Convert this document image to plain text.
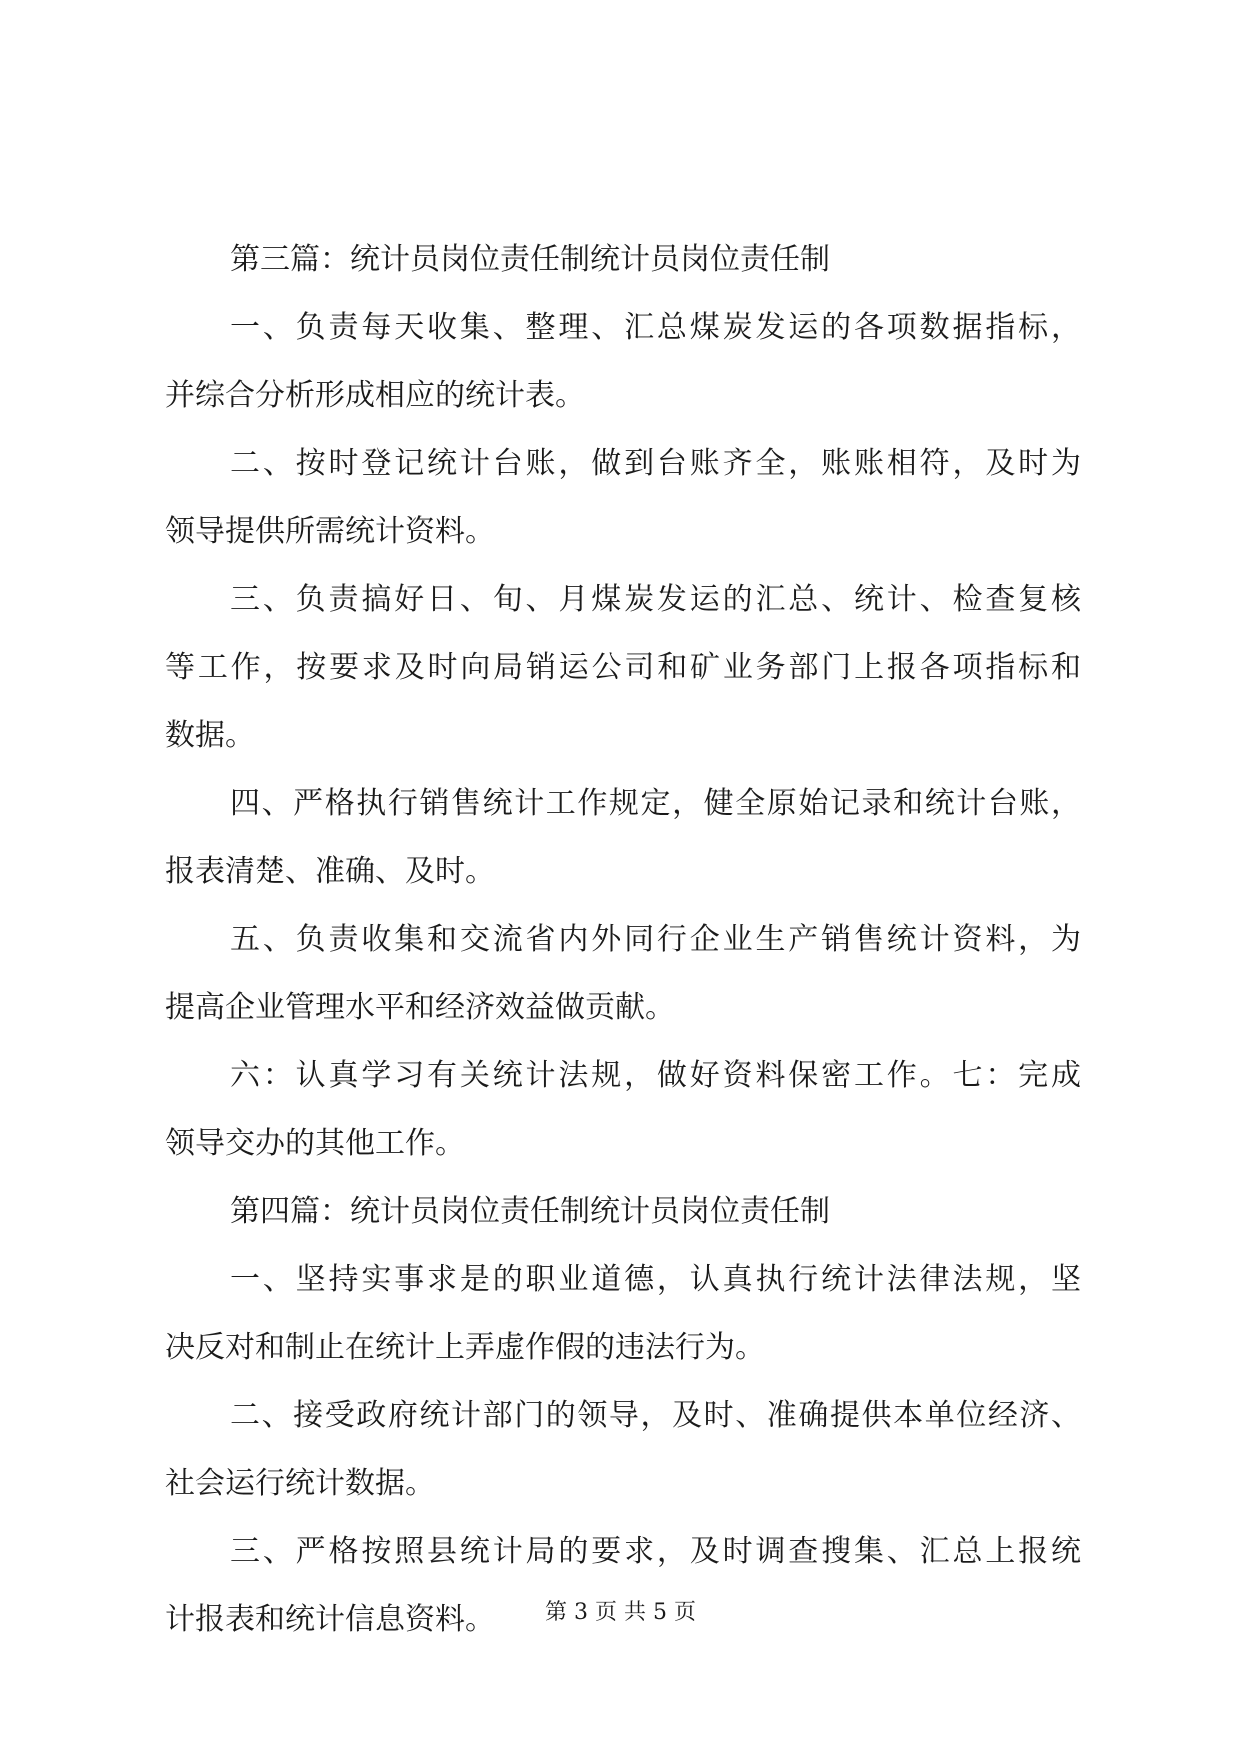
第三篇：统计员岗位责任制统计员岗位责任制
一、负责每天收集、整理、汇总煤炭发运的各项数据指标，
并综合分析形成相应的统计表。
二、按时登记统计台账，做到台账齐全，账账相符，及时为
领导提供所需统计资料。
三、负责搞好日、旬、月煤炭发运的汇总、统计、检查复核
等工作，按要求及时向局销运公司和矿业务部门上报各项指标和
数据。
四、严格执行销售统计工作规定，健全原始记录和统计台账，
报表清楚、准确、及时。
五、负责收集和交流省内外同行企业生产销售统计资料，为
提高企业管理水平和经济效益做贡献。
六：认真学习有关统计法规，做好资料保密工作。七：完成
领导交办的其他工作。
第四篇：统计员岗位责任制统计员岗位责任制
一、坚持实事求是的职业道德，认真执行统计法律法规，坚
决反对和制止在统计上弄虚作假的违法行为。
二、接受政府统计部门的领导，及时、准确提供本单位经济、
社会运行统计数据。
三、严格按照县统计局的要求，及时调查搜集、汇总上报统
计报表和统计信息资料。	第 3 页 共 5 页
